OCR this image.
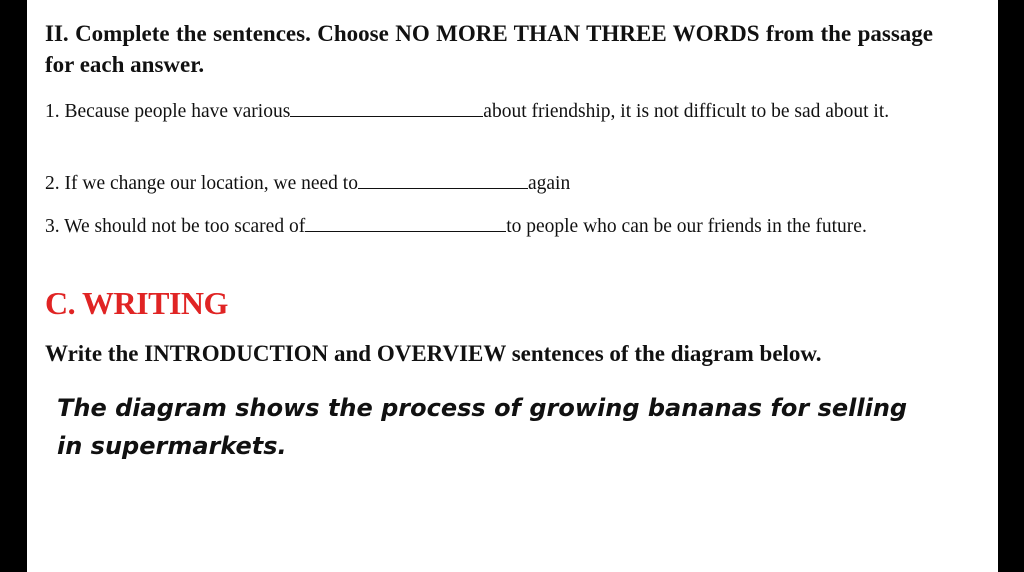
II. Complete the sentences. Choose NO MORE THAN THREE WORDS from the passage for each answer.

1. Because people have various	about friendship, it is not difficult to be sad about it.
2. If we change our location, we need to	again
3. We should not be too scared of	to people who can be our friends in the future.
C. WRITING
Write the INTRODUCTION and OVERVIEW sentences of the diagram below.
The diagram shows the process of growing bananas for selling in supermarkets.
